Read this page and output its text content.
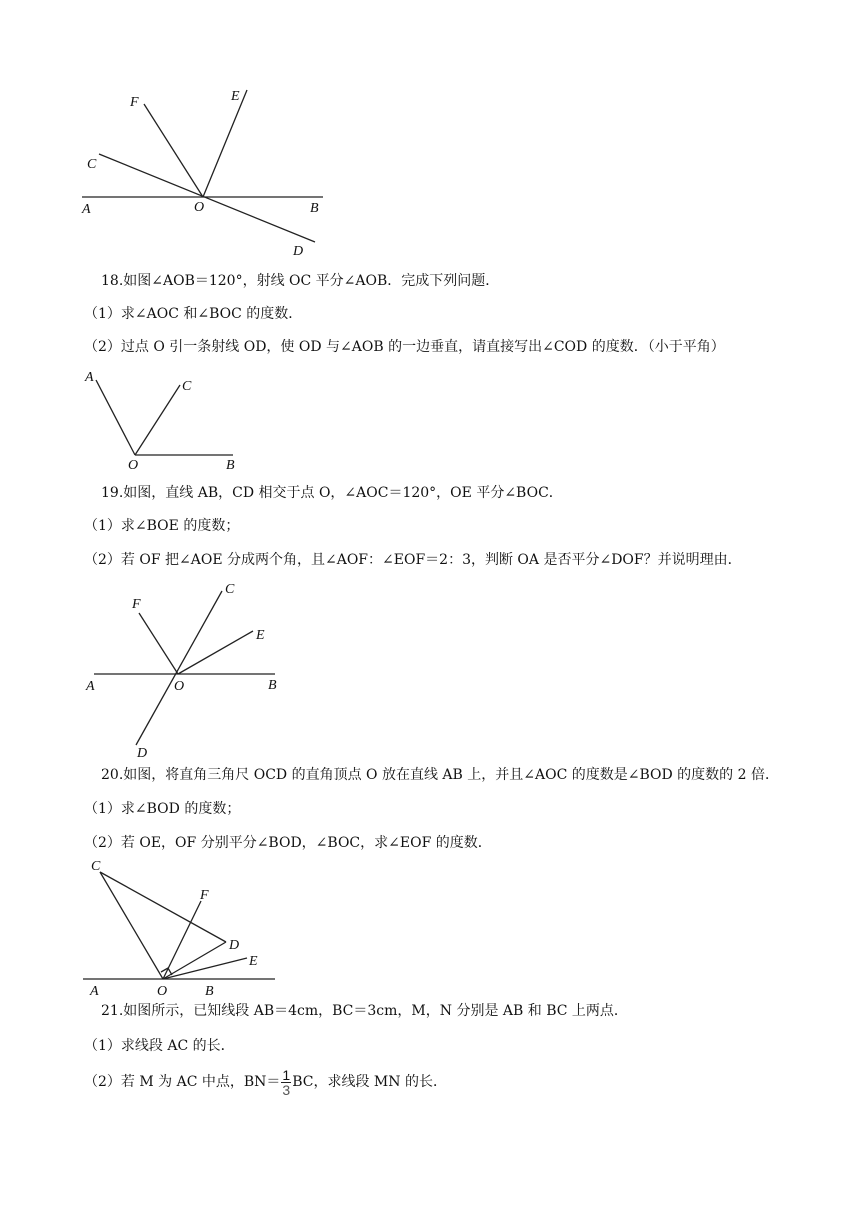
F	E
C
A	O	B
D
18.如图∠AOB＝120°，射线 OC 平分∠AOB．完成下列问题．
（1）求∠AOC 和∠BOC 的度数．
（2）过点 O 引一条射线 OD，使 OD 与∠AOB 的一边垂直，请直接写出∠COD 的度数．（小于平角）
A
C
O	B
19.如图，直线 AB，CD 相交于点 O，∠AOC＝120°，OE 平分∠BOC．
（1）求∠BOE 的度数；
（2）若 OF 把∠AOE 分成两个角，且∠AOF：∠EOF＝2：3，判断 OA 是否平分∠DOF？并说明理由．
F
C
E
A	O	B
D
20.如图，将直角三角尺 OCD 的直角顶点 O 放在直线 AB 上，并且∠AOC 的度数是∠BOD 的度数的 2 倍．
（1）求∠BOD 的度数；
（2）若 OE，OF 分别平分∠BOD，∠BOC，求∠EOF 的度数．
C
F
D
E
A	O	B
21.如图所示，已知线段 AB＝4cm，BC＝3cm，M，N 分别是 AB 和 BC 上两点．
（1）求线段 AC 的长．
（2）若 M 为 AC 中点，$BN= \frac{1}{3}$ BC，求线段 MN 的长．
